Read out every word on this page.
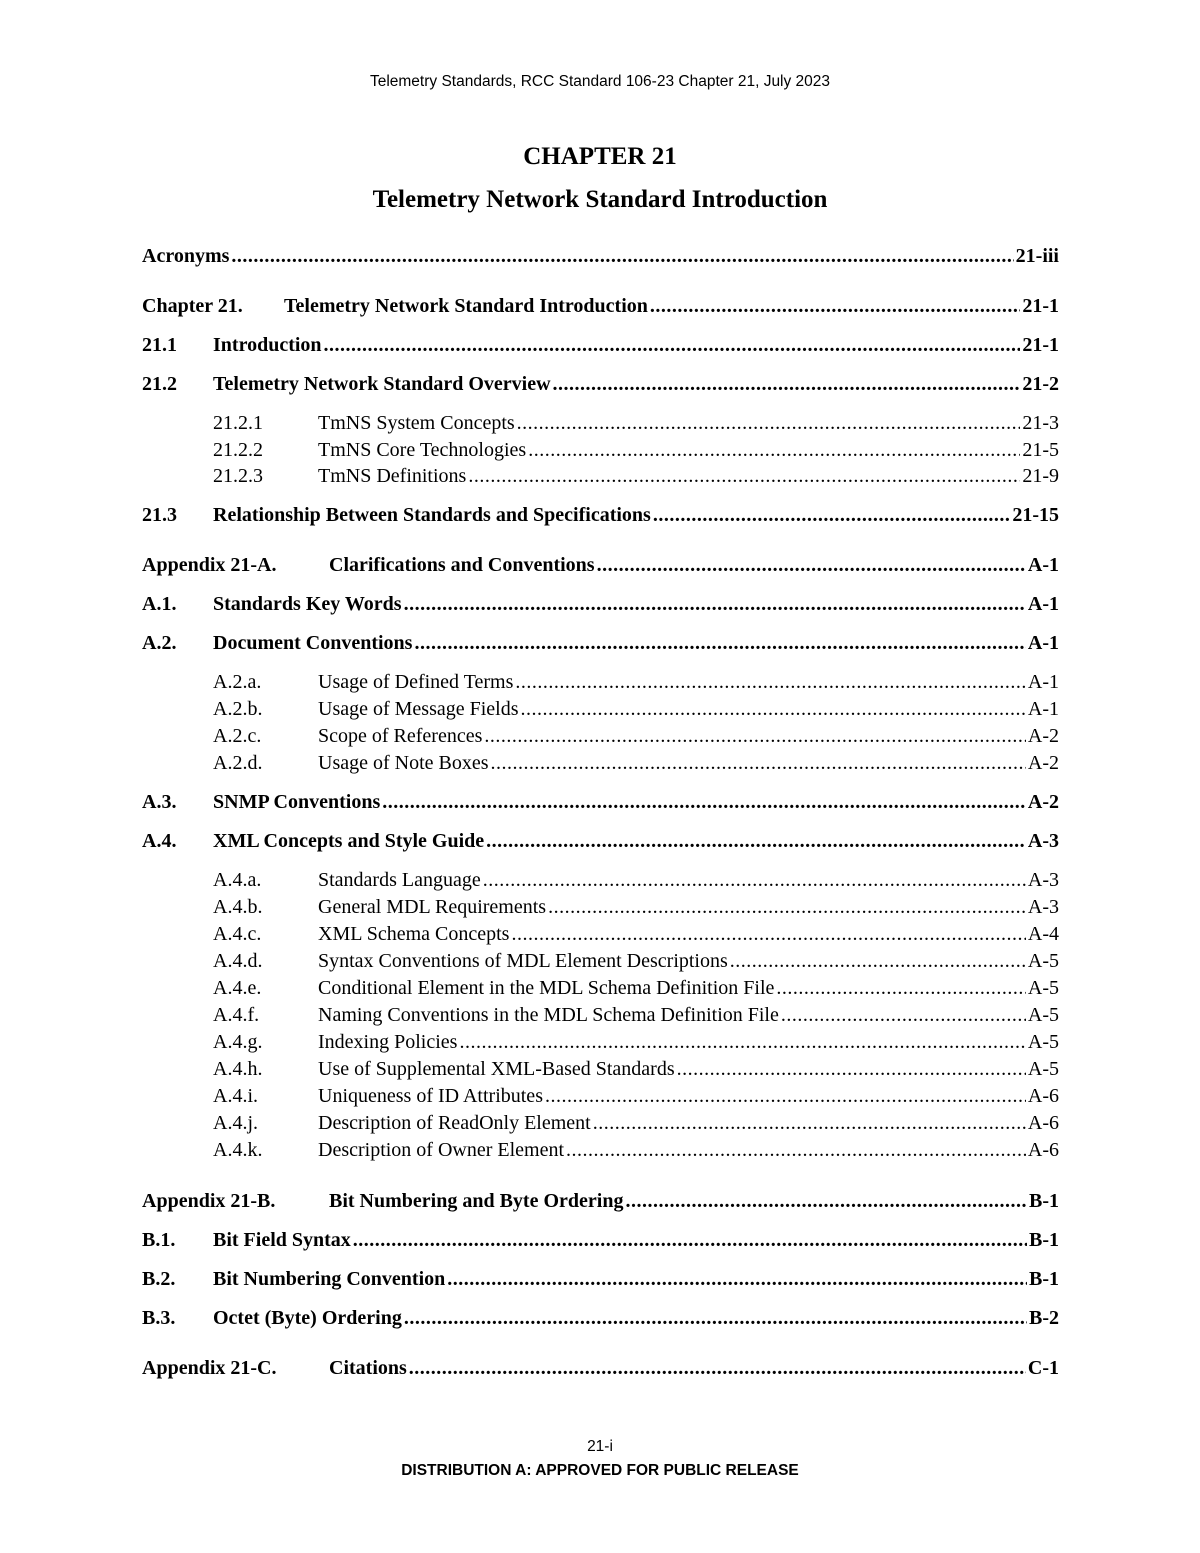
Telemetry Standards, RCC Standard 106-23 Chapter 21, July 2023
CHAPTER 21
Telemetry Network Standard Introduction
Acronyms .....	21-iii
Chapter 21.	Telemetry Network Standard Introduction .....	21-1
21.1	Introduction .....	21-1
21.2	Telemetry Network Standard Overview .....	21-2
21.2.1	TmNS System Concepts .....	21-3
21.2.2	TmNS Core Technologies .....	21-5
21.2.3	TmNS Definitions .....	21-9
21.3	Relationship Between Standards and Specifications .....	21-15
Appendix 21-A.	Clarifications and Conventions .....	A-1
A.1.	Standards Key Words .....	A-1
A.2.	Document Conventions .....	A-1
A.2.a.	Usage of Defined Terms .....	A-1
A.2.b.	Usage of Message Fields .....	A-1
A.2.c.	Scope of References .....	A-2
A.2.d.	Usage of Note Boxes .....	A-2
A.3.	SNMP Conventions .....	A-2
A.4.	XML Concepts and Style Guide .....	A-3
A.4.a.	Standards Language .....	A-3
A.4.b.	General MDL Requirements .....	A-3
A.4.c.	XML Schema Concepts .....	A-4
A.4.d.	Syntax Conventions of MDL Element Descriptions .....	A-5
A.4.e.	Conditional Element in the MDL Schema Definition File .....	A-5
A.4.f.	Naming Conventions in the MDL Schema Definition File .....	A-5
A.4.g.	Indexing Policies .....	A-5
A.4.h.	Use of Supplemental XML-Based Standards .....	A-5
A.4.i.	Uniqueness of ID Attributes .....	A-6
A.4.j.	Description of ReadOnly Element .....	A-6
A.4.k.	Description of Owner Element .....	A-6
Appendix 21-B.	Bit Numbering and Byte Ordering .....	B-1
B.1.	Bit Field Syntax .....	B-1
B.2.	Bit Numbering Convention .....	B-1
B.3.	Octet (Byte) Ordering .....	B-2
Appendix 21-C.	Citations .....	C-1
21-i
DISTRIBUTION A: APPROVED FOR PUBLIC RELEASE
